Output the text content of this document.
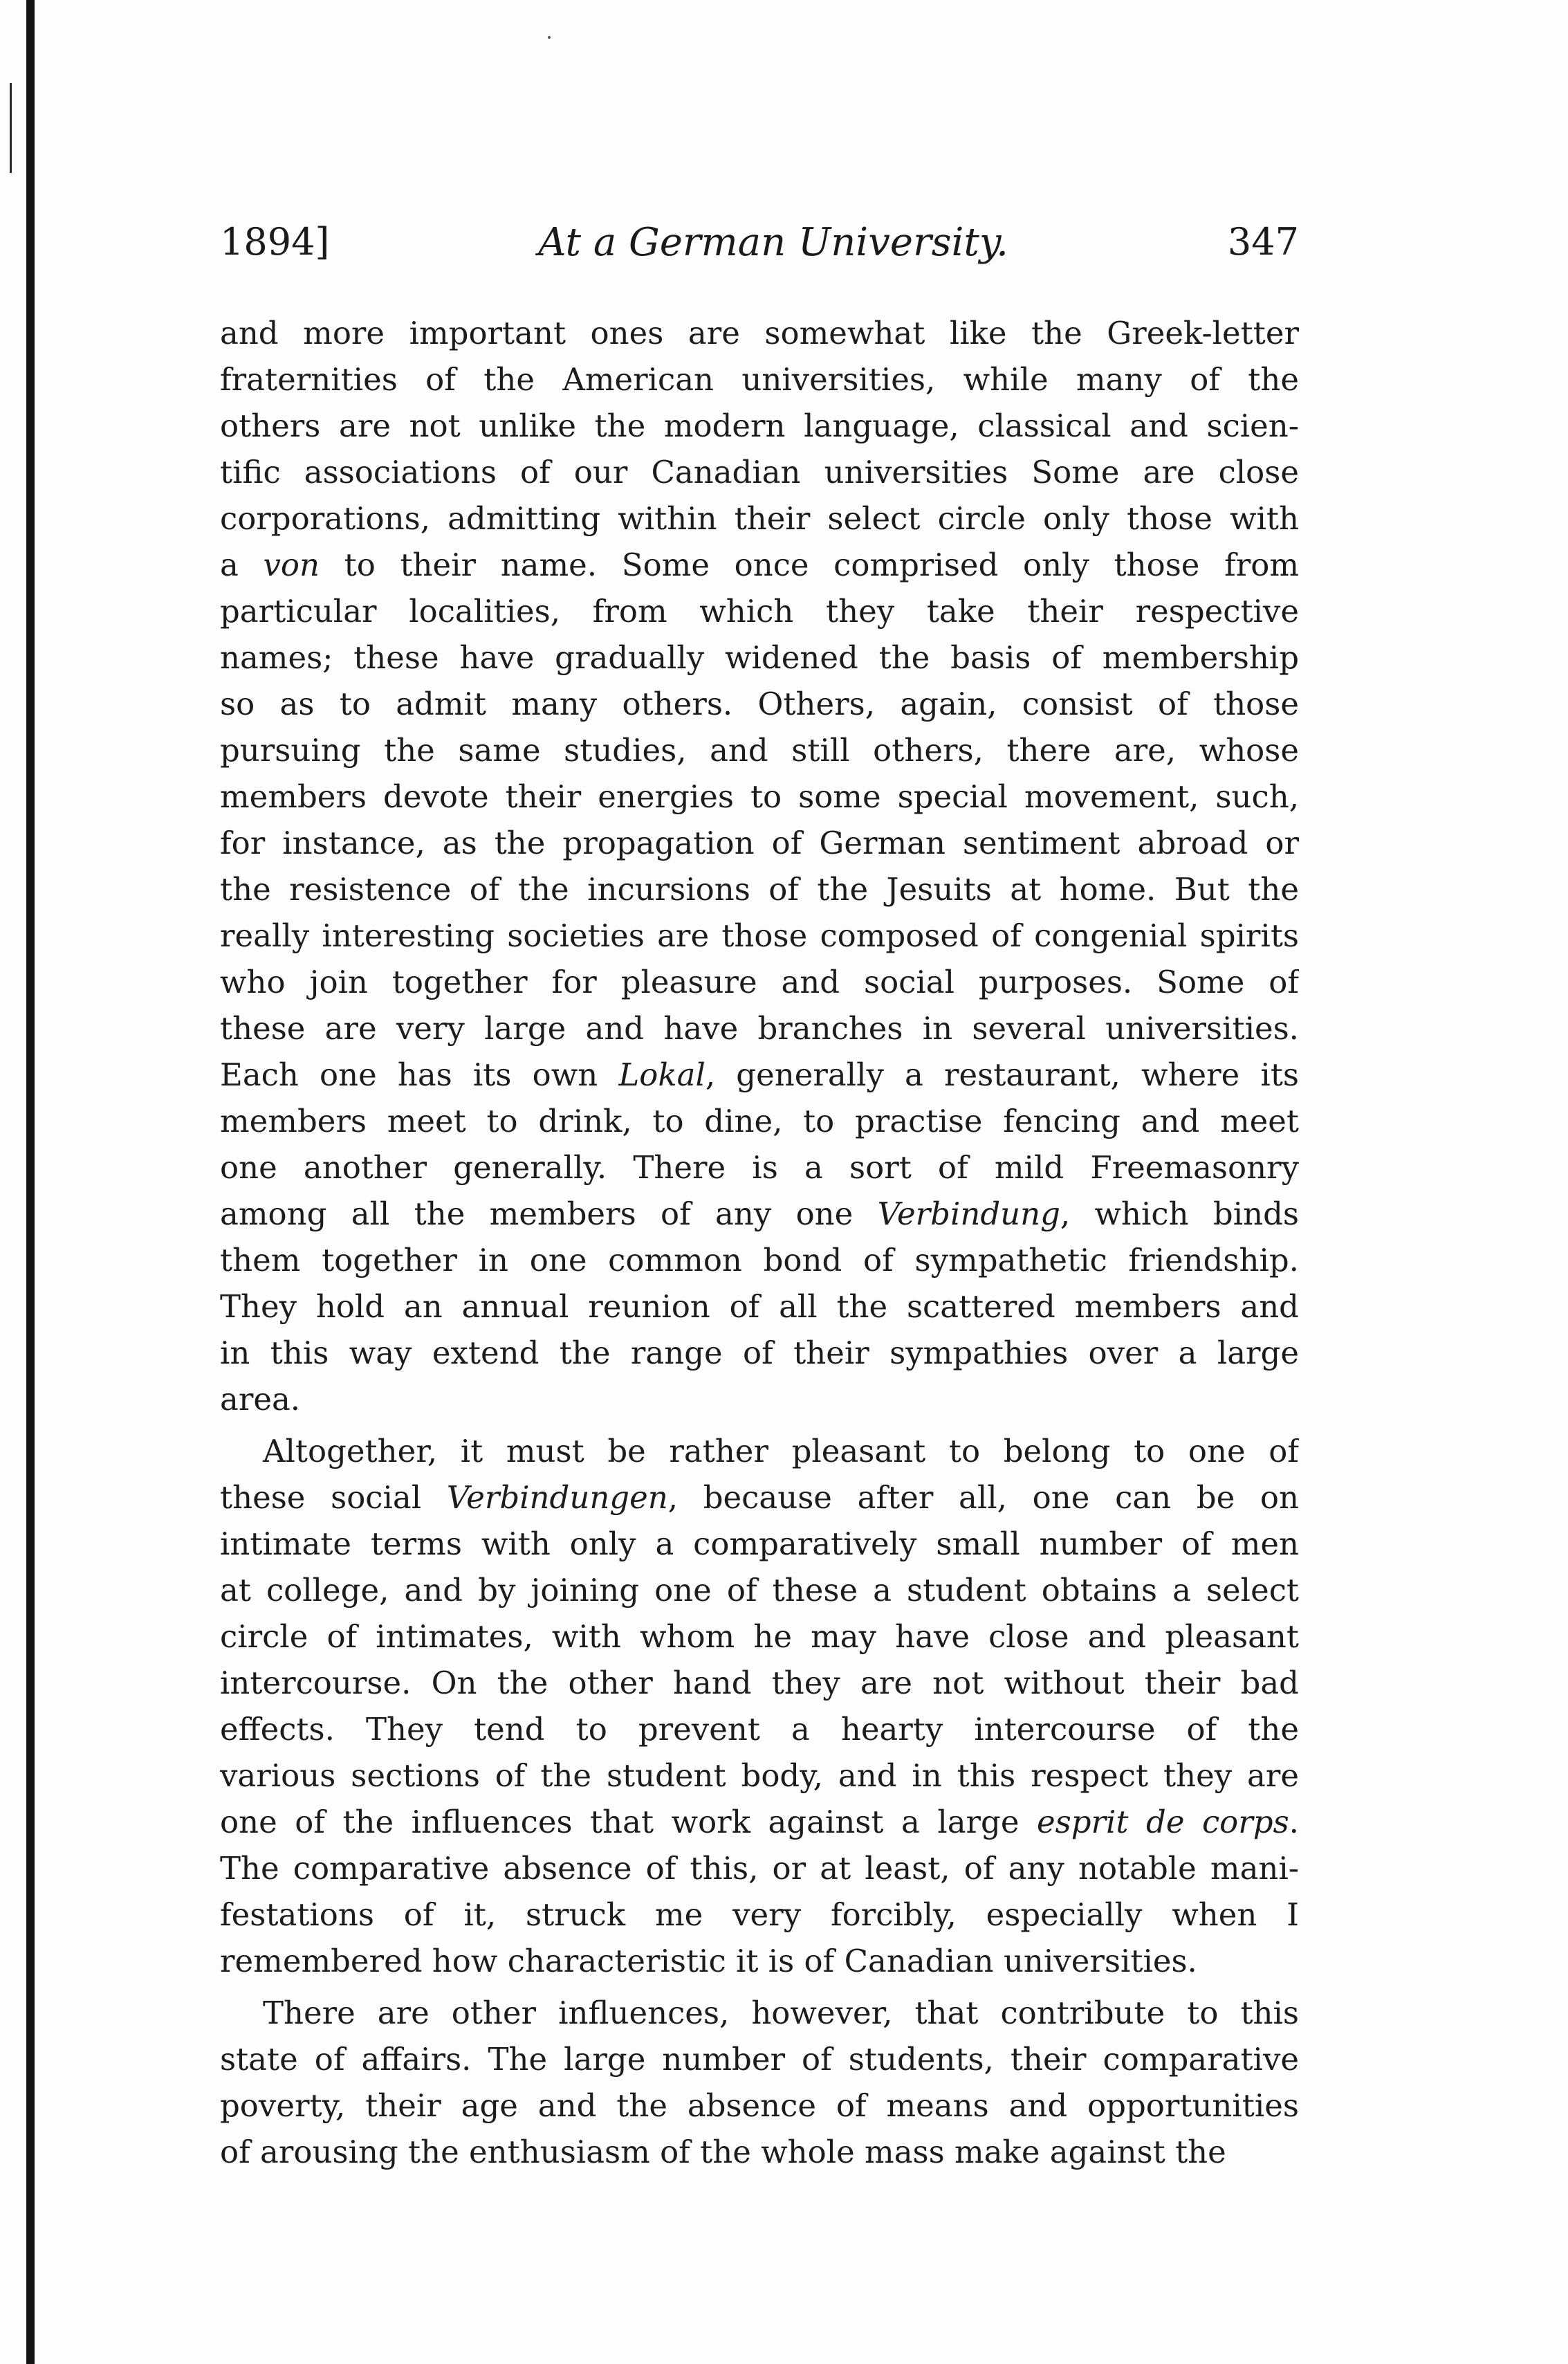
1894]	At a German University.	347
and more important ones are somewhat like the Greek-letter
fraternities of the American universities, while many of the
others are not unlike the modern language, classical and scien-
tific associations of our Canadian universities Some are close
corporations, admitting within their select circle only those with
a von to their name. Some once comprised only those from
particular localities, from which they take their respective
names; these have gradually widened the basis of membership
so as to admit many others. Others, again, consist of those
pursuing the same studies, and still others, there are, whose
members devote their energies to some special movement, such,
for instance, as the propagation of German sentiment abroad or
the resistence of the incursions of the Jesuits at home. But the
really interesting societies are those composed of congenial spirits
who join together for pleasure and social purposes. Some of
these are very large and have branches in several universities.
Each one has its own Lokal, generally a restaurant, where its
members meet to drink, to dine, to practise fencing and meet
one another generally. There is a sort of mild Freemasonry
among all the members of any one Verbindung, which binds
them together in one common bond of sympathetic friendship.
They hold an annual reunion of all the scattered members and
in this way extend the range of their sympathies over a large
area.
Altogether, it must be rather pleasant to belong to one of
these social Verbindungen, because after all, one can be on
intimate terms with only a comparatively small number of men
at college, and by joining one of these a student obtains a select
circle of intimates, with whom he may have close and pleasant
intercourse. On the other hand they are not without their bad
effects. They tend to prevent a hearty intercourse of the
various sections of the student body, and in this respect they are
one of the influences that work against a large esprit de corps.
The comparative absence of this, or at least, of any notable mani-
festations of it, struck me very forcibly, especially when I
remembered how characteristic it is of Canadian universities.
There are other influences, however, that contribute to this
state of affairs. The large number of students, their comparative
poverty, their age and the absence of means and opportunities
of arousing the enthusiasm of the whole mass make against the
